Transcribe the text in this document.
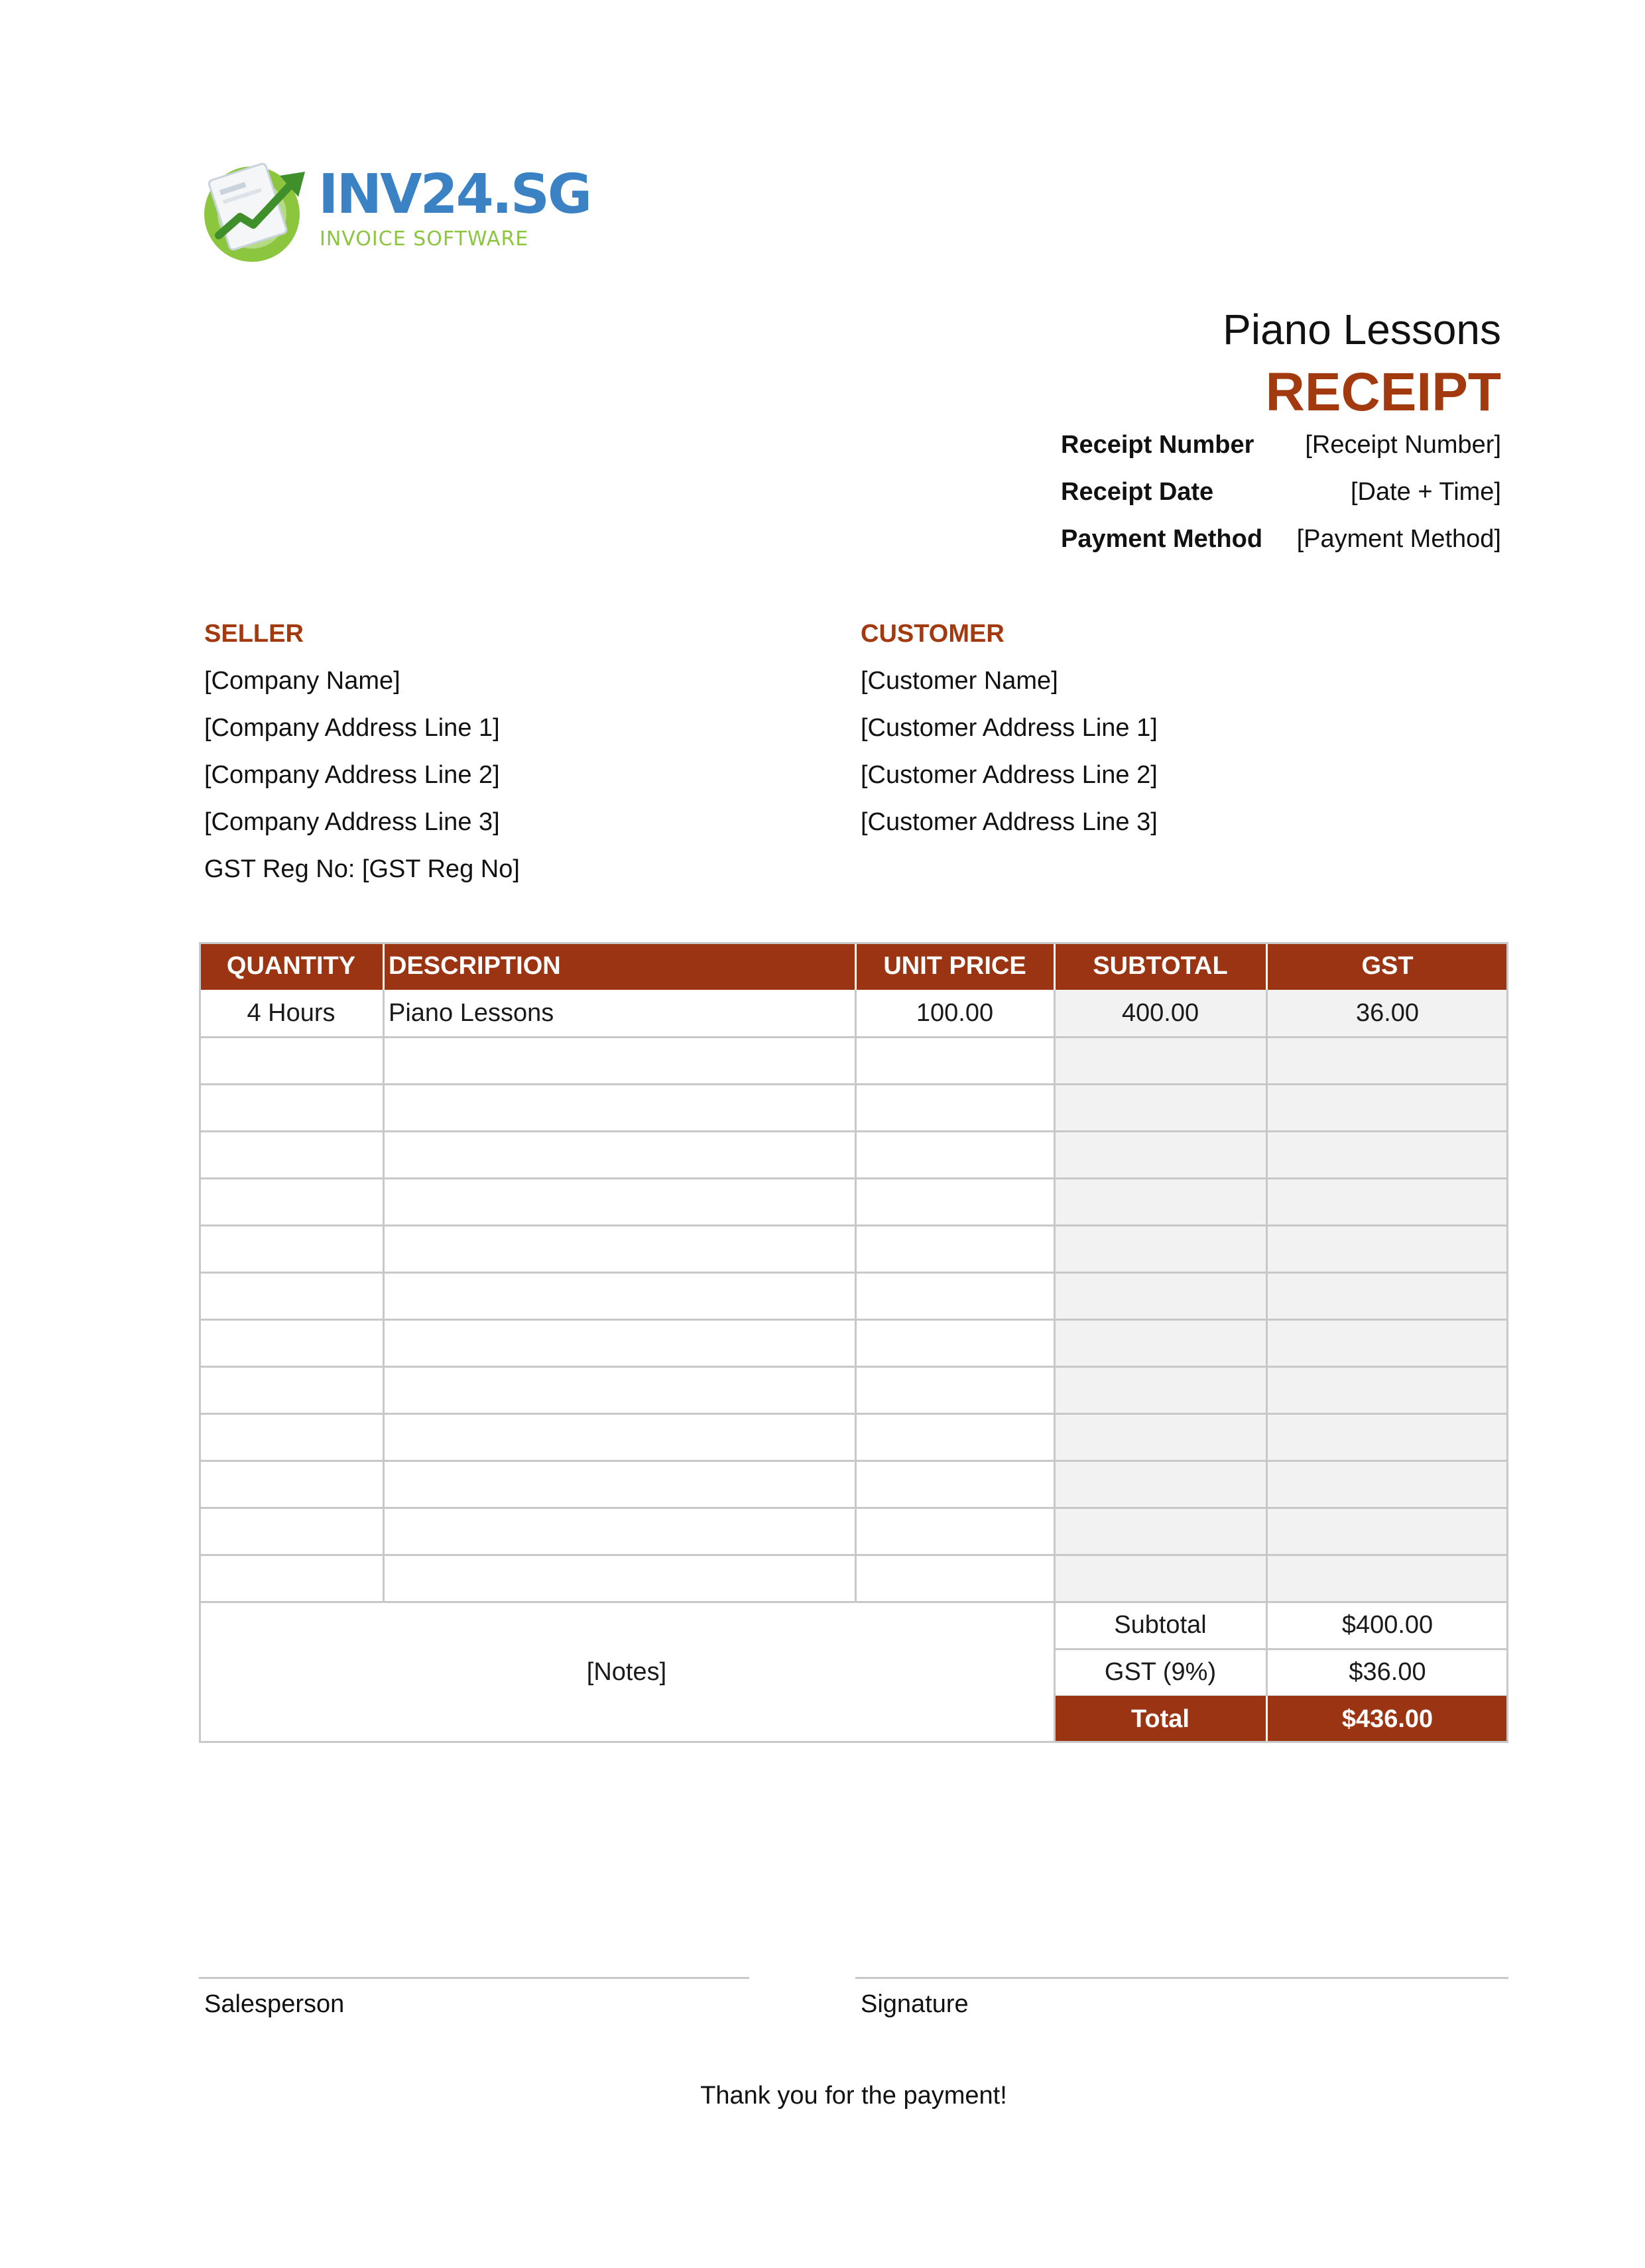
INV24.SG
INVOICE SOFTWARE
Piano Lessons
RECEIPT
Receipt Number [Receipt Number]
Receipt Date	[Date + Time]
Payment Method [Payment Method]
SELLER
[Company Name]
[Company Address Line 1]
[Company Address Line 2]
[Company Address Line 3]
GST Reg No: [GST Reg No]
CUSTOMER
[Customer Name]
[Customer Address Line 1]
[Customer Address Line 2]
[Customer Address Line 3]
QUANTITY	DESCRIPTION	UNIT PRICE	SUBTOTAL	GST
4 Hours	Piano Lessons	100.00	400.00	36.00
Subtotal	$400.00
GST (9%)	$36.00
Total	$436.00
[Notes]
Salesperson	Signature
Thank you for the payment!
